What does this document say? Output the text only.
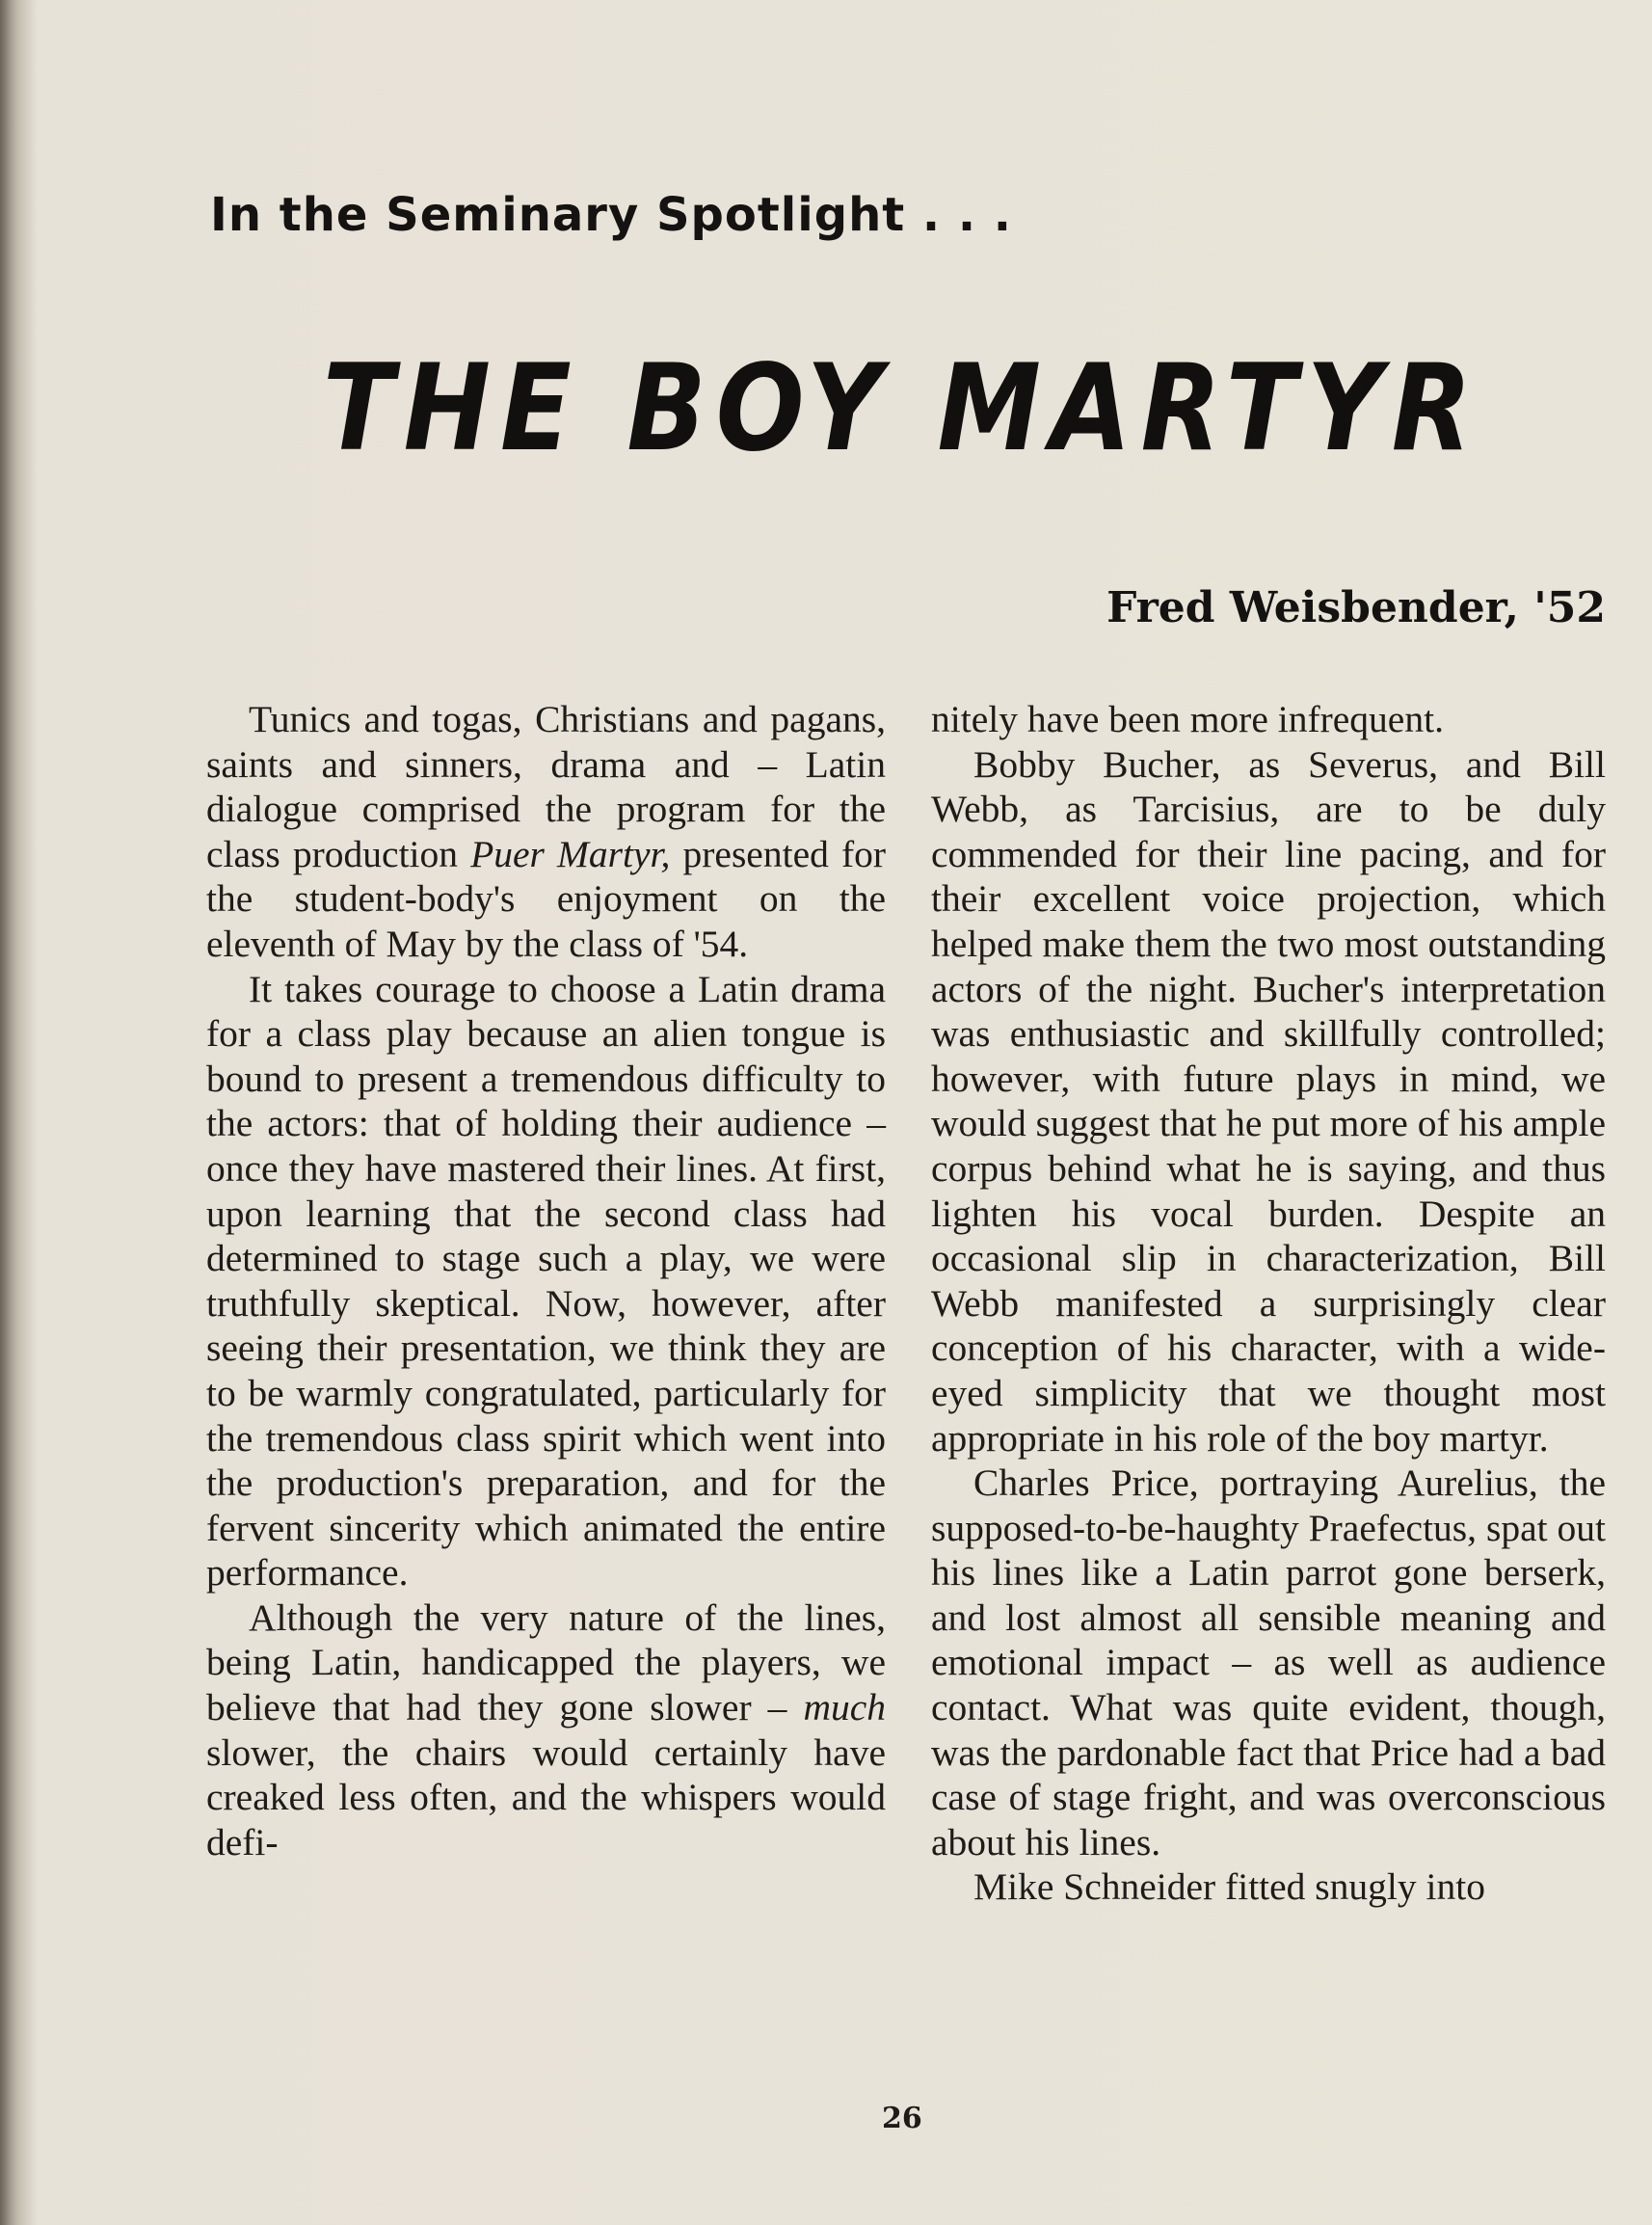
In the Seminary Spotlight . . .
THE BOY MARTYR
Fred Weisbender, '52

Tunics and togas, Christians and pagans, saints and sinners, drama and – Latin dialogue comprised the program for the class production Puer Martyr, presented for the student-body's enjoyment on the eleventh of May by the class of '54.

It takes courage to choose a Latin drama for a class play because an alien tongue is bound to present a tremendous difficulty to the actors: that of holding their audience – once they have mastered their lines. At first, upon learning that the second class had determined to stage such a play, we were truthfully skeptical. Now, however, after seeing their presentation, we think they are to be warmly congratulated, particularly for the tremendous class spirit which went into the production's preparation, and for the fervent sincerity which animated the entire performance.

Although the very nature of the lines, being Latin, handicapped the players, we believe that had they gone slower – much slower, the chairs would certainly have creaked less often, and the whispers would defi-

nitely have been more infrequent.

Bobby Bucher, as Severus, and Bill Webb, as Tarcisius, are to be duly commended for their line pacing, and for their excellent voice projection, which helped make them the two most outstanding actors of the night. Bucher's interpretation was enthusiastic and skillfully controlled; however, with future plays in mind, we would suggest that he put more of his ample corpus behind what he is saying, and thus lighten his vocal burden. Despite an occasional slip in characterization, Bill Webb manifested a surprisingly clear conception of his character, with a wide-eyed simplicity that we thought most appropriate in his role of the boy martyr.

Charles Price, portraying Aurelius, the supposed-to-be-haughty Praefectus, spat out his lines like a Latin parrot gone berserk, and lost almost all sensible meaning and emotional impact – as well as audience contact. What was quite evident, though, was the pardonable fact that Price had a bad case of stage fright, and was overconscious about his lines.

Mike Schneider fitted snugly into

26
